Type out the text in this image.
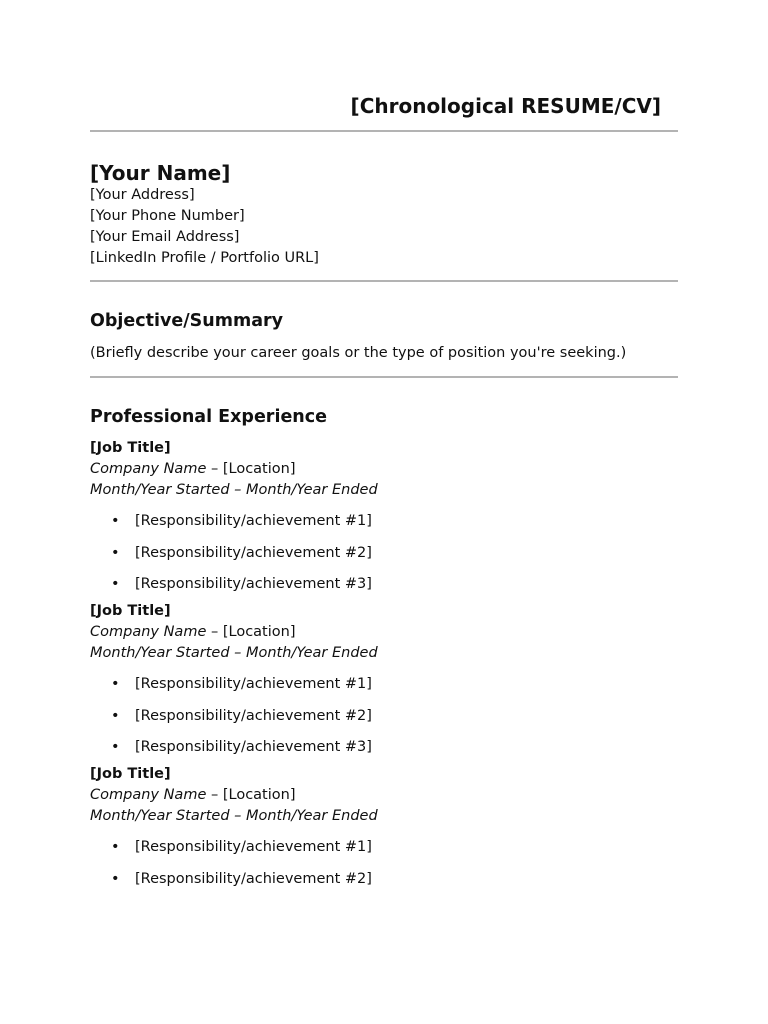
[Chronological RESUME/CV]
[Your Name]

[Your Address]

[Your Phone Number]

[Your Email Address]

[LinkedIn Profile / Portfolio URL]

Objective/Summary

(Briefly describe your career goals or the type of position you're seeking.)

Professional Experience

[Job Title]

Company Name – [Location]

Month/Year Started – Month/Year Ended

• [Responsibility/achievement #1]
• [Responsibility/achievement #2]
• [Responsibility/achievement #3]

[Job Title]

Company Name – [Location]

Month/Year Started – Month/Year Ended

• [Responsibility/achievement #1]
• [Responsibility/achievement #2]
• [Responsibility/achievement #3]

[Job Title]

Company Name – [Location]

Month/Year Started – Month/Year Ended

• [Responsibility/achievement #1]
• [Responsibility/achievement #2]
